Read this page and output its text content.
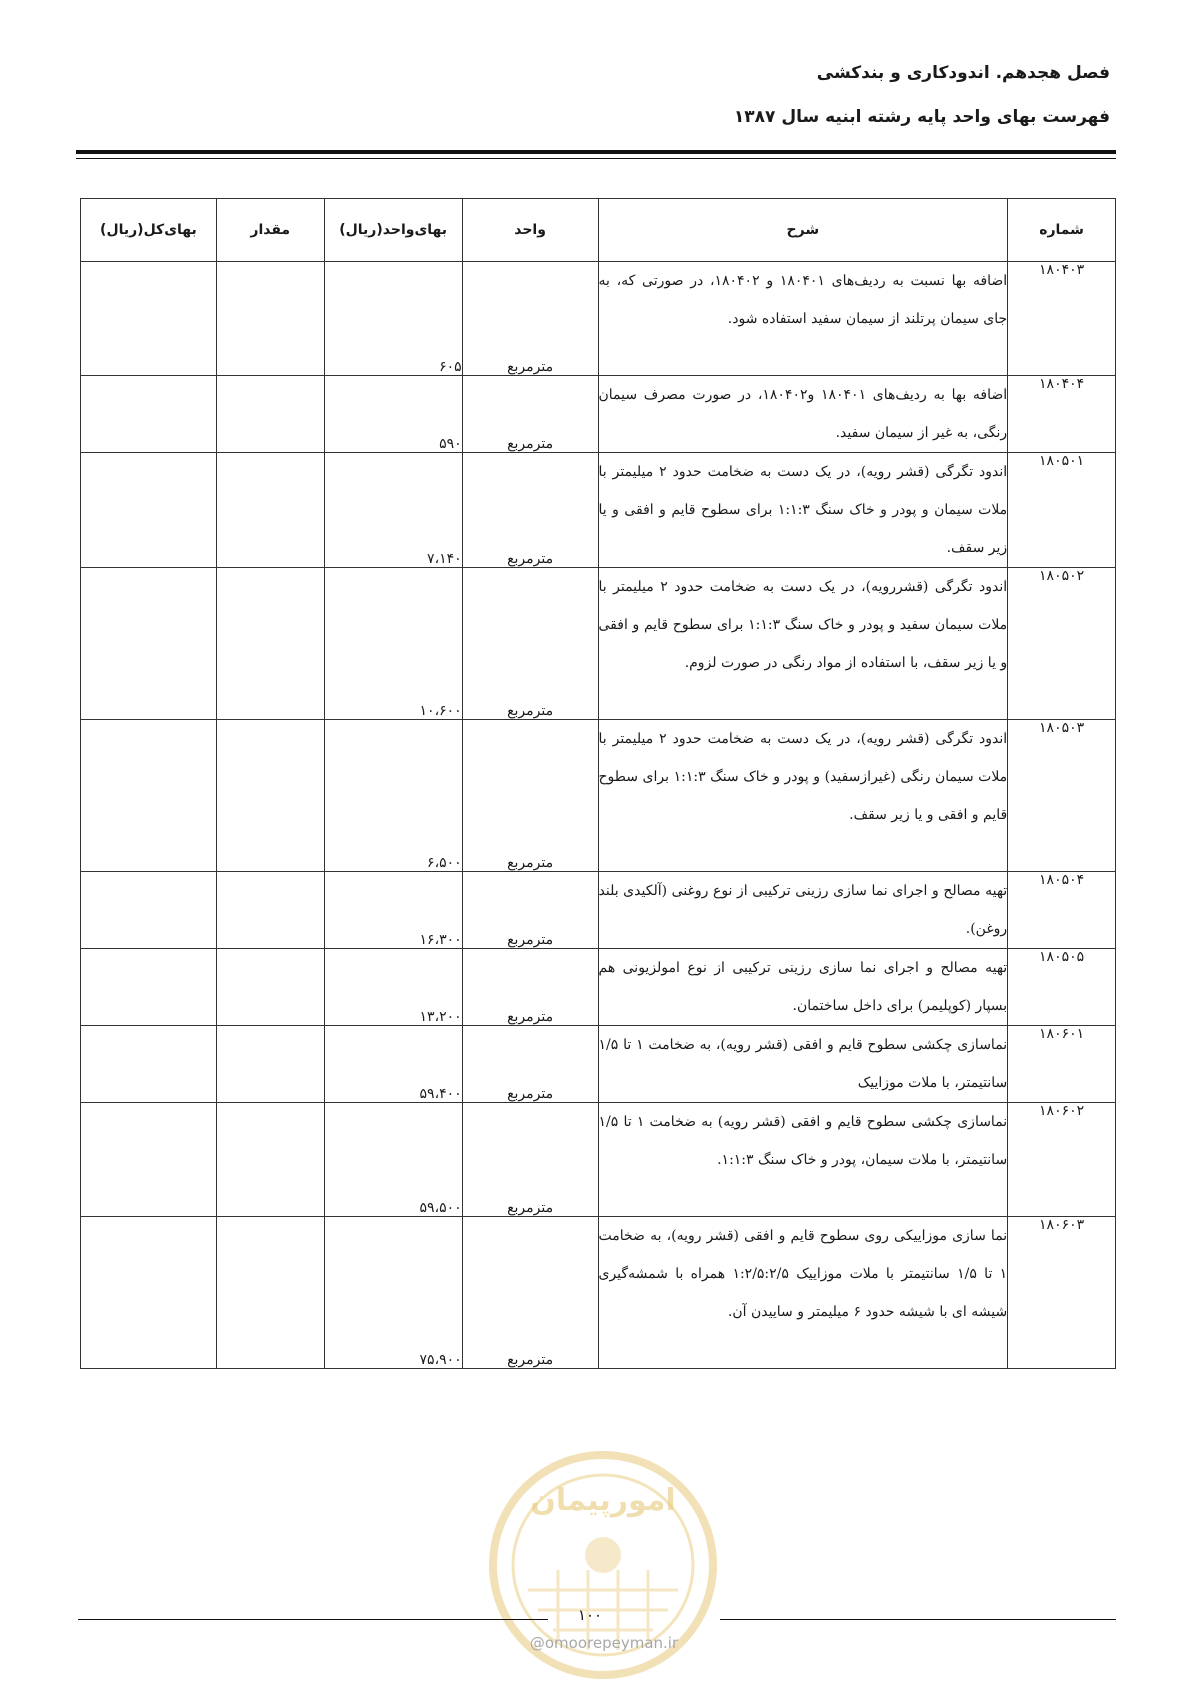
فصل هجدهم. اندودکاری و بندکشی
فهرست بهای واحد پایه رشته ابنیه سال ۱۳۸۷
شماره	شرح	واحد	بهای‌واحد(ریال)	مقدار	بهای‌کل(ریال)
۱۸۰۴۰۳	اضافه بها نسبت به ردیف‌های ۱۸۰۴۰۱ و ۱۸۰۴۰۲، در صورتی که، به جای سیمان پرتلند از سیمان سفید استفاده شود.	مترمربع	۶۰۵		
۱۸۰۴۰۴	اضافه بها به ردیف‌های ۱۸۰۴۰۱ و۱۸۰۴۰۲، در صورت مصرف سیمان رنگی، به غیر از سیمان سفید.	مترمربع	۵۹۰		
۱۸۰۵۰۱	اندود تگرگی (قشر رویه)، در یک دست به ضخامت حدود ۲ میلیمتر با ملات سیمان و پودر و خاک سنگ ۱:۱:۳ برای سطوح قایم و افقی و یا زیر سقف.	مترمربع	۷،۱۴۰		
۱۸۰۵۰۲	اندود تگرگی (قشررویه)، در یک دست به ضخامت حدود ۲ میلیمتر با ملات سیمان سفید و پودر و خاک سنگ ۱:۱:۳ برای سطوح قایم و افقی و یا زیر سقف، با استفاده از مواد رنگی در صورت لزوم.	مترمربع	۱۰،۶۰۰		
۱۸۰۵۰۳	اندود تگرگی (قشر رویه)، در یک دست به ضخامت حدود ۲ میلیمتر با ملات سیمان رنگی (غیرازسفید) و پودر و خاک سنگ ۱:۱:۳ برای سطوح قایم و افقی و یا زیر سقف.	مترمربع	۶،۵۰۰		
۱۸۰۵۰۴	تهیه مصالح و اجرای نما سازی رزینی ترکیبی از نوع روغنی (آلکیدی بلند روغن).	مترمربع	۱۶،۳۰۰		
۱۸۰۵۰۵	تهیه مصالح و اجرای نما سازی رزینی ترکیبی از نوع امولزیونی هم بسپار (کوپلیمر) برای داخل ساختمان.	مترمربع	۱۳،۲۰۰		
۱۸۰۶۰۱	نماسازی چکشی سطوح قایم و افقی (قشر رویه)، به ضخامت ۱ تا ۱/۵ سانتیمتر، با ملات موزاییک	مترمربع	۵۹،۴۰۰		
۱۸۰۶۰۲	نماسازی چکشی سطوح قایم و افقی (قشر رویه) به ضخامت ۱ تا ۱/۵ سانتیمتر، با ملات سیمان، پودر و خاک سنگ ۱:۱:۳.	مترمربع	۵۹،۵۰۰		
۱۸۰۶۰۳	نما سازی موزاییکی روی سطوح قایم و افقی (قشر رویه)، به ضخامت ۱ تا ۱/۵ سانتیمتر با ملات موزاییک ۱:۲/۵:۲/۵ همراه با شمشه‌گیری شیشه ای با شیشه حدود ۶ میلیمتر و ساییدن آن.	مترمربع	۷۵،۹۰۰		
امورپیمان
۱۰۰
@omoorepeyman.ir
